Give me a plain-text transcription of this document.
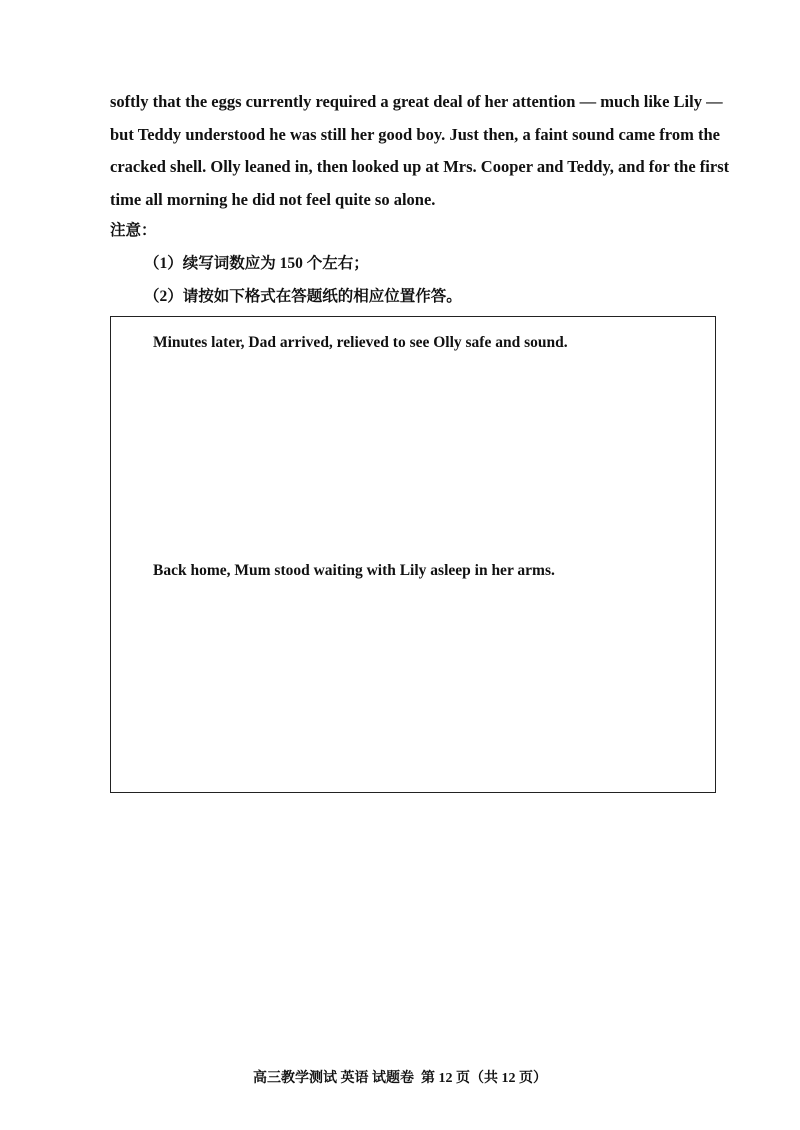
softly that the eggs currently required a great deal of her attention — much like Lily —
but Teddy understood he was still her good boy. Just then, a faint sound came from the
cracked shell. Olly leaned in, then looked up at Mrs. Cooper and Teddy, and for the first
time all morning he did not feel quite so alone.
注意：
（1）续写词数应为 150 个左右；
（2）请按如下格式在答题纸的相应位置作答。
Minutes later, Dad arrived, relieved to see Olly safe and sound.
Back home, Mum stood waiting with Lily asleep in her arms.
高三教学测试 英语 试题卷  第 12 页（共 12 页）
